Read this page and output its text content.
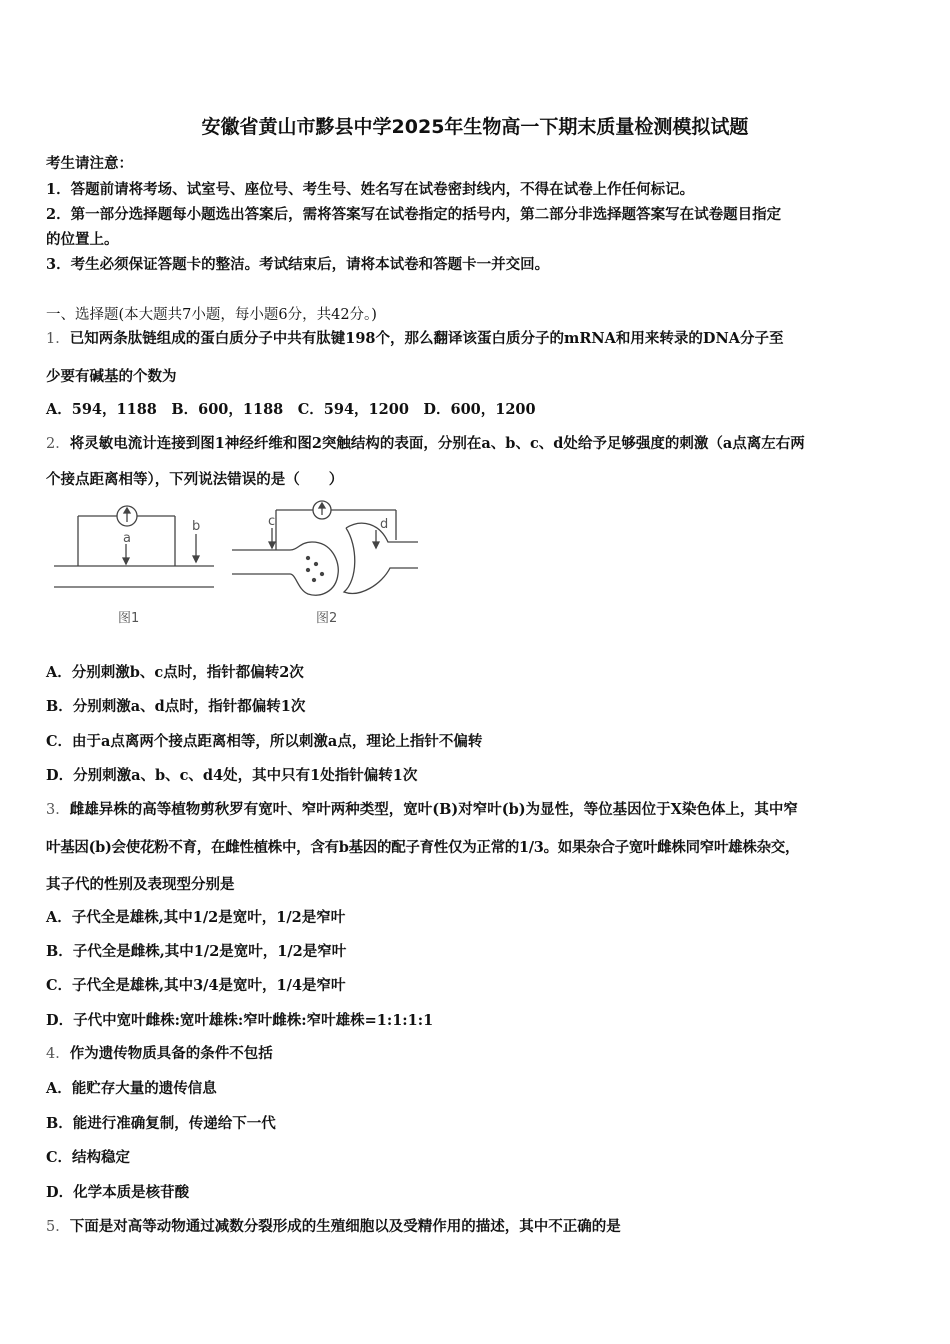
安徽省黄山市黟县中学2025年生物高一下期末质量检测模拟试题
考生请注意：
1．答题前请将考场、试室号、座位号、考生号、姓名写在试卷密封线内，不得在试卷上作任何标记。
2．第一部分选择题每小题选出答案后，需将答案写在试卷指定的括号内，第二部分非选择题答案写在试卷题目指定
的位置上。
3．考生必须保证答题卡的整洁。考试结束后，请将本试卷和答题卡一并交回。
一、选择题(本大题共7小题，每小题6分，共42分。)
1．已知两条肽链组成的蛋白质分子中共有肽键198个，那么翻译该蛋白质分子的mRNA和用来转录的DNA分子至
少要有碱基的个数为
A．594，1188　B．600，1188　C．594，1200　D．600，1200
2．将灵敏电流计连接到图1神经纤维和图2突触结构的表面，分别在a、b、c、d处给予足够强度的刺激（a点离左右两
个接点距离相等），下列说法错误的是（　　）
a
b
图1
c	d
图2
A．分别刺激b、c点时，指针都偏转2次
B．分别刺激a、d点时，指针都偏转1次
C．由于a点离两个接点距离相等，所以刺激a点，理论上指针不偏转
D．分别刺激a、b、c、d4处，其中只有1处指针偏转1次
3．雌雄异株的高等植物剪秋罗有宽叶、窄叶两种类型，宽叶(B)对窄叶(b)为显性，等位基因位于X染色体上，其中窄
叶基因(b)会使花粉不育，在雌性植株中，含有b基因的配子育性仅为正常的1/3。如果杂合子宽叶雌株同窄叶雄株杂交，
其子代的性别及表现型分别是
A．子代全是雄株,其中1/2是宽叶，1/2是窄叶
B．子代全是雌株,其中1/2是宽叶，1/2是窄叶
C．子代全是雄株,其中3/4是宽叶，1/4是窄叶
D．子代中宽叶雌株:宽叶雄株:窄叶雌株:窄叶雄株=1:1:1:1
4．作为遗传物质具备的条件不包括
A．能贮存大量的遗传信息
B．能进行准确复制，传递给下一代
C．结构稳定
D．化学本质是核苷酸
5．下面是对高等动物通过减数分裂形成的生殖细胞以及受精作用的描述，其中不正确的是
